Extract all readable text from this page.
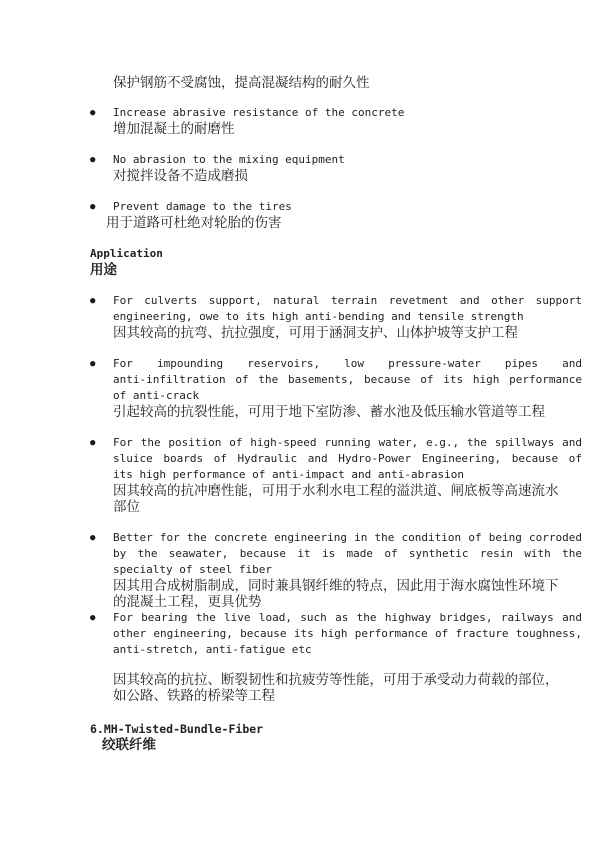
保护钢筋不受腐蚀，提高混凝结构的耐久性
● Increase abrasive resistance of the concrete
增加混凝土的耐磨性
● No abrasion to the mixing equipment
对搅拌设备不造成磨损
● Prevent damage to the tires
用于道路可杜绝对轮胎的伤害
Application
用途
● For culverts support, natural terrain revetment and other support
engineering, owe to its high anti-bending and tensile strength
因其较高的抗弯、抗拉强度，可用于涵洞支护、山体护坡等支护工程
● For impounding reservoirs, low pressure-water pipes and
anti-infiltration of the basements, because of its high performance
of anti-crack
引起较高的抗裂性能，可用于地下室防渗、蓄水池及低压输水管道等工程
● For the position of high-speed running water, e.g., the spillways and
sluice boards of Hydraulic and Hydro-Power Engineering, because of
its high performance of anti-impact and anti-abrasion
因其较高的抗冲磨性能，可用于水利水电工程的溢洪道、闸底板等高速流水
部位
● Better for the concrete engineering in the condition of being corroded
by the seawater, because it is made of synthetic resin with the
specialty of steel fiber
因其用合成树脂制成，同时兼具钢纤维的特点，因此用于海水腐蚀性环境下
的混凝土工程，更具优势
● For bearing the live load, such as the highway bridges, railways and
other engineering, because its high performance of fracture toughness,
anti-stretch, anti-fatigue etc
因其较高的抗拉、断裂韧性和抗疲劳等性能，可用于承受动力荷载的部位，
如公路、铁路的桥梁等工程
6.MH-Twisted-Bundle-Fiber
绞联纤维
